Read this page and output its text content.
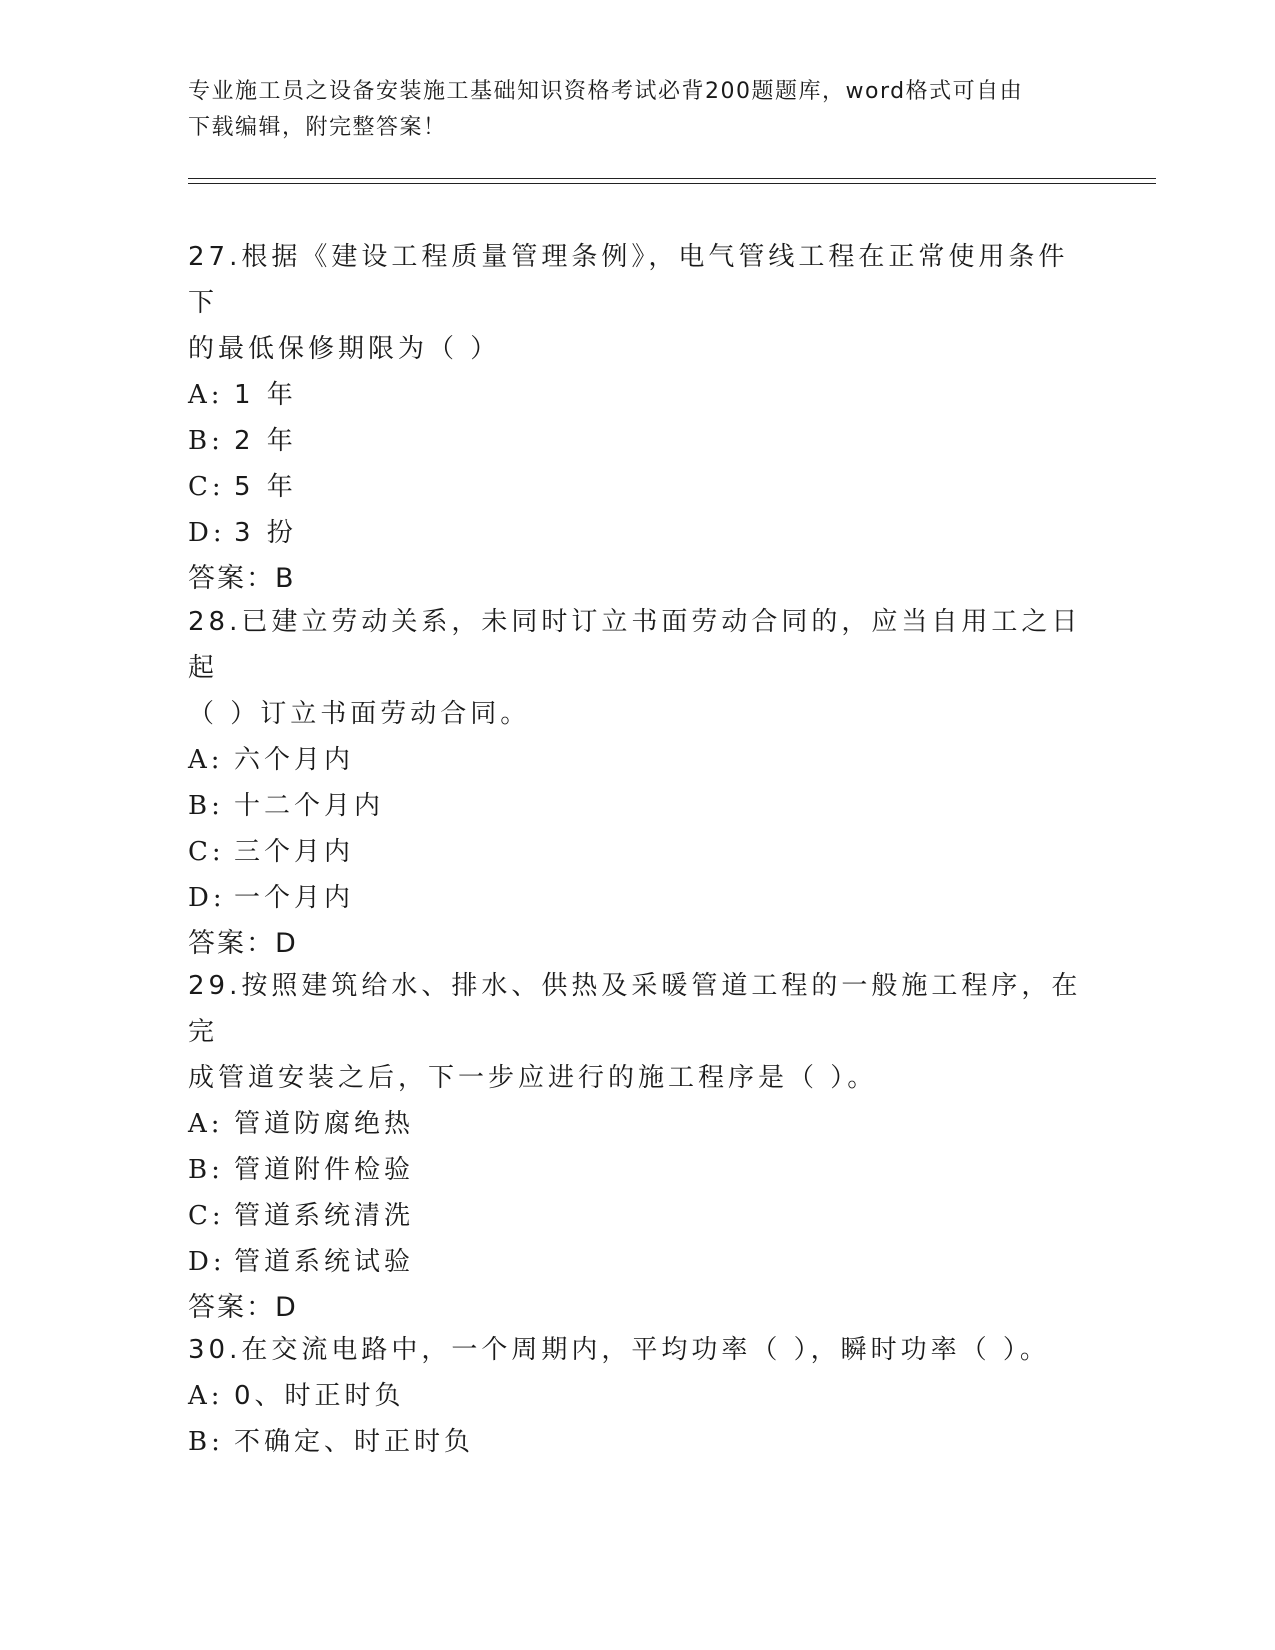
专业施工员之设备安装施工基础知识资格考试必背200题题库，word格式可自由
下载编辑，附完整答案！

27.根据《建设工程质量管理条例》，电气管线工程在正常使用条件下

的最低保修期限为（ ）

A: 1 年

B: 2 年

C: 5 年

D: 3 扮

答案：B

28.已建立劳动关系，未同时订立书面劳动合同的，应当自用工之日起

（ ）订立书面劳动合同。

A: 六个月内

B: 十二个月内

C: 三个月内

D: 一个月内

答案：D

29.按照建筑给水、排水、供热及采暖管道工程的一般施工程序，在完

成管道安装之后，下一步应进行的施工程序是（ ）。

A: 管道防腐绝热

B: 管道附件检验

C: 管道系统清洗

D: 管道系统试验

答案：D

30.在交流电路中，一个周期内，平均功率（ ），瞬时功率（ ）。

A: 0、时正时负

B: 不确定、时正时负
